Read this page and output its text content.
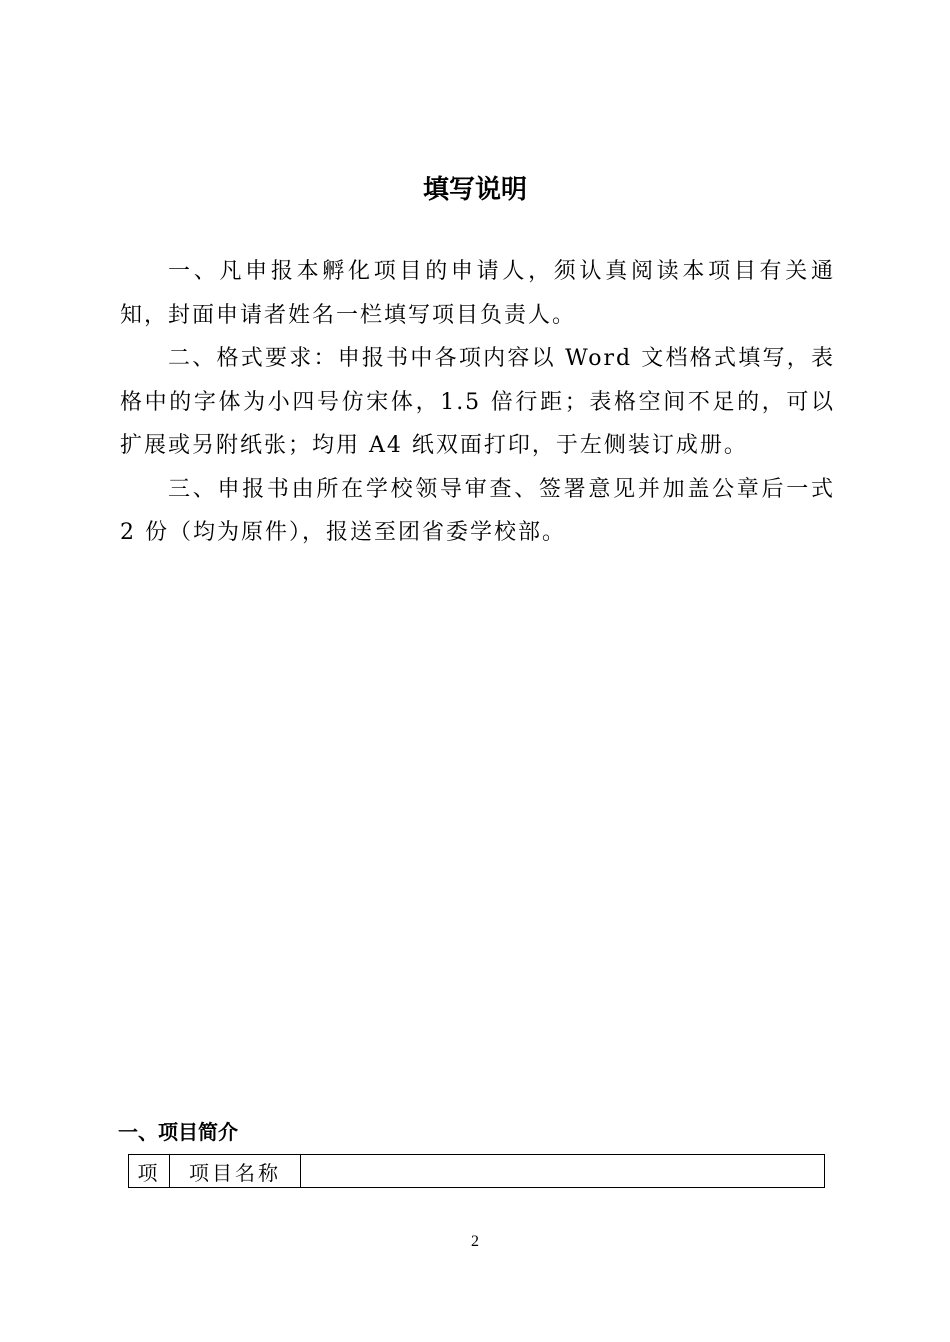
填写说明

一、凡申报本孵化项目的申请人，须认真阅读本项目有关通知，封面申请者姓名一栏填写项目负责人。

二、格式要求：申报书中各项内容以 Word 文档格式填写，表格中的字体为小四号仿宋体，1.5 倍行距；表格空间不足的，可以扩展或另附纸张；均用 A4 纸双面打印，于左侧装订成册。

三、申报书由所在学校领导审查、签署意见并加盖公章后一式 2 份（均为原件），报送至团省委学校部。

一、项目简介
项	项目名称	
2
